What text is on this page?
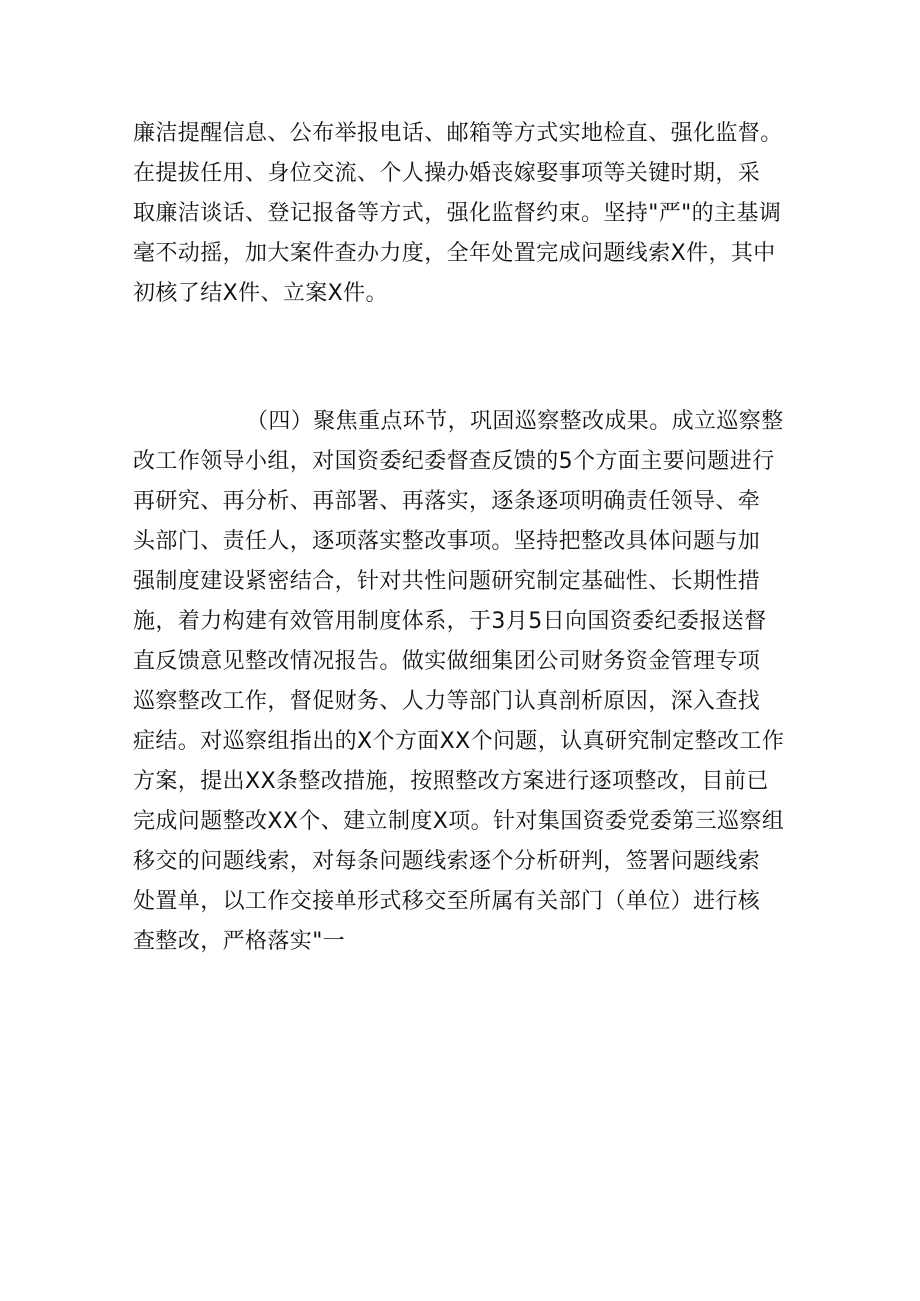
廉洁提醒信息、公布举报电话、邮箱等方式实地检直、强化监督。
在提拔任用、身位交流、个人操办婚丧嫁娶事项等关键时期，采
取廉洁谈话、登记报备等方式，强化监督约束。坚持"严"的主基调
毫不动摇，加大案件查办力度，全年处置完成问题线索X件，其中
初核了结X件、立案X件。
（四）聚焦重点环节，巩固巡察整改成果。成立巡察整
改工作领导小组，对国资委纪委督查反馈的5个方面主要问题进行
再研究、再分析、再部署、再落实，逐条逐项明确责任领导、牵
头部门、责任人，逐项落实整改事项。坚持把整改具体问题与加
强制度建设紧密结合，针对共性问题研究制定基础性、长期性措
施，着力构建有效管用制度体系，于3月5日向国资委纪委报送督
直反馈意见整改情况报告。做实做细集团公司财务资金管理专项
巡察整改工作，督促财务、人力等部门认真剖析原因，深入查找
症结。对巡察组指出的X个方面XX个问题，认真研究制定整改工作
方案，提出XX条整改措施，按照整改方案进行逐项整改，目前已
完成问题整改XX个、建立制度X项。针对集国资委党委第三巡察组
移交的问题线索，对每条问题线索逐个分析研判，签署问题线索
处置单，以工作交接单形式移交至所属有关部门（单位）进行核
查整改，严格落实"一
